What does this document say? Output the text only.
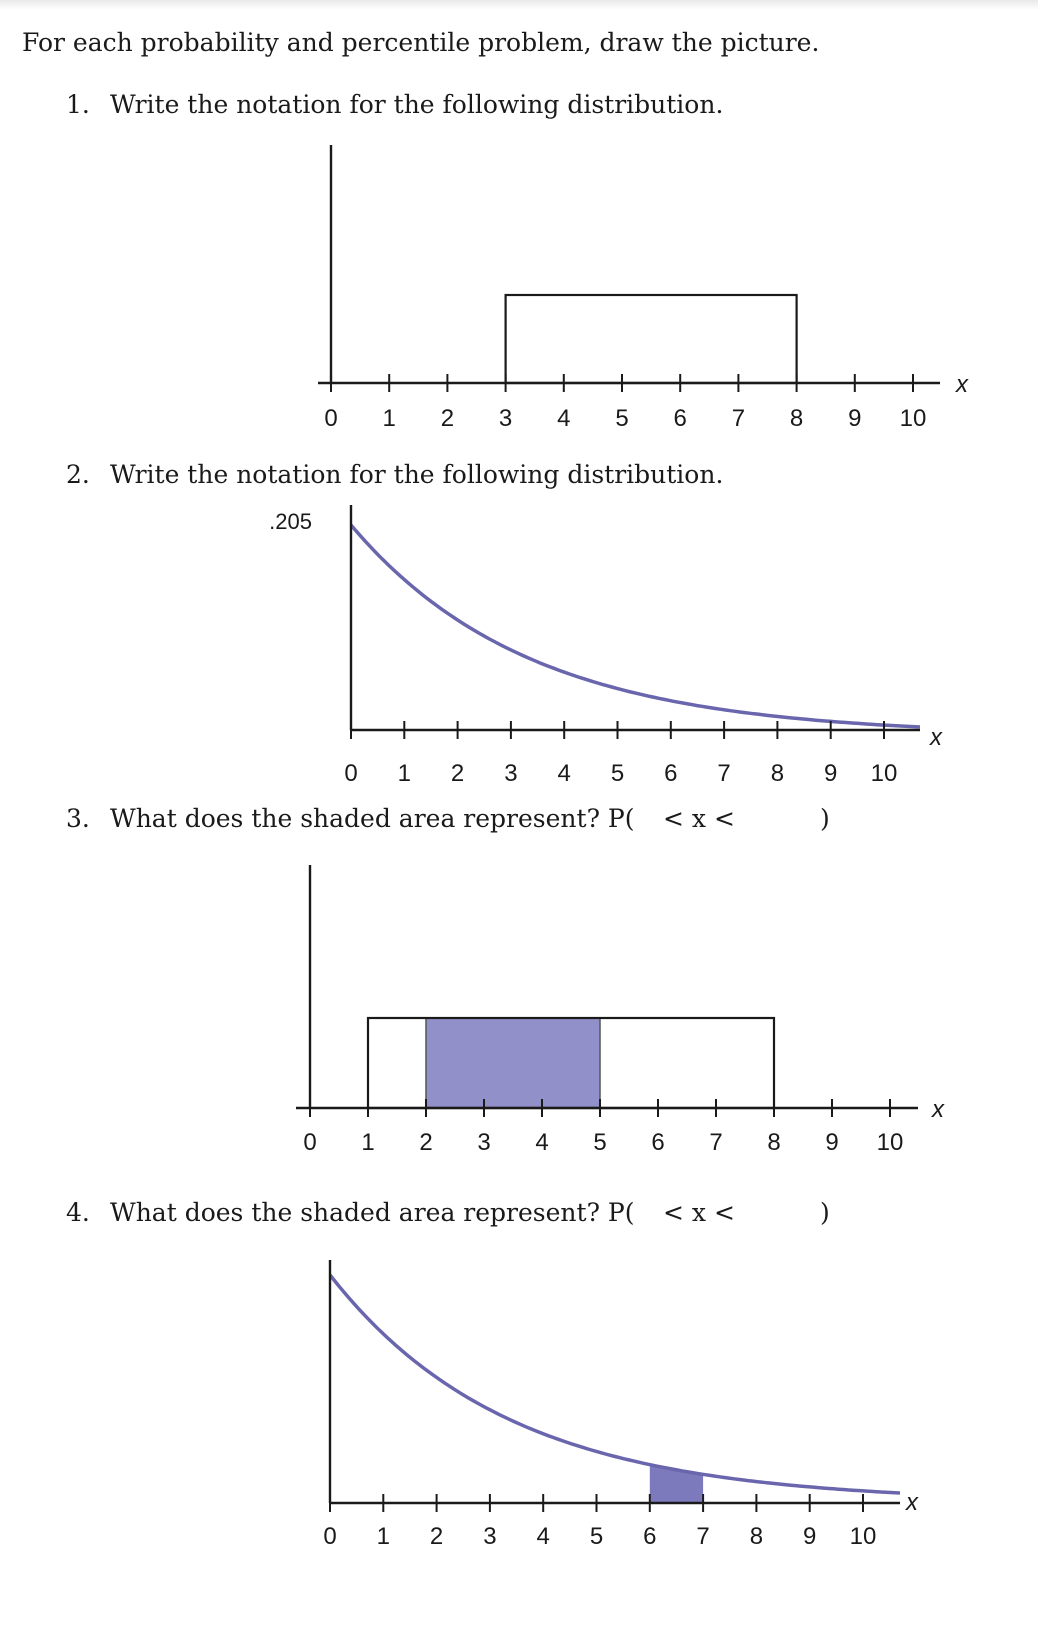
For each probability and percentile problem, draw the picture.
1. Write the notation for the following distribution.
0 1 2 3 4 5 6 7 8 9 10
x
2. Write the notation for the following distribution.
0 1 2 3 4 5 6 7 8 9 10
x
.205
3. What does the shaded area represent? P( < x <	)
0 1 2 3 4 5 6 7 8 9 10
x
4. What does the shaded area represent? P( < x <	)
0 1 2 3 4 5 6 7 8 9 10
x
